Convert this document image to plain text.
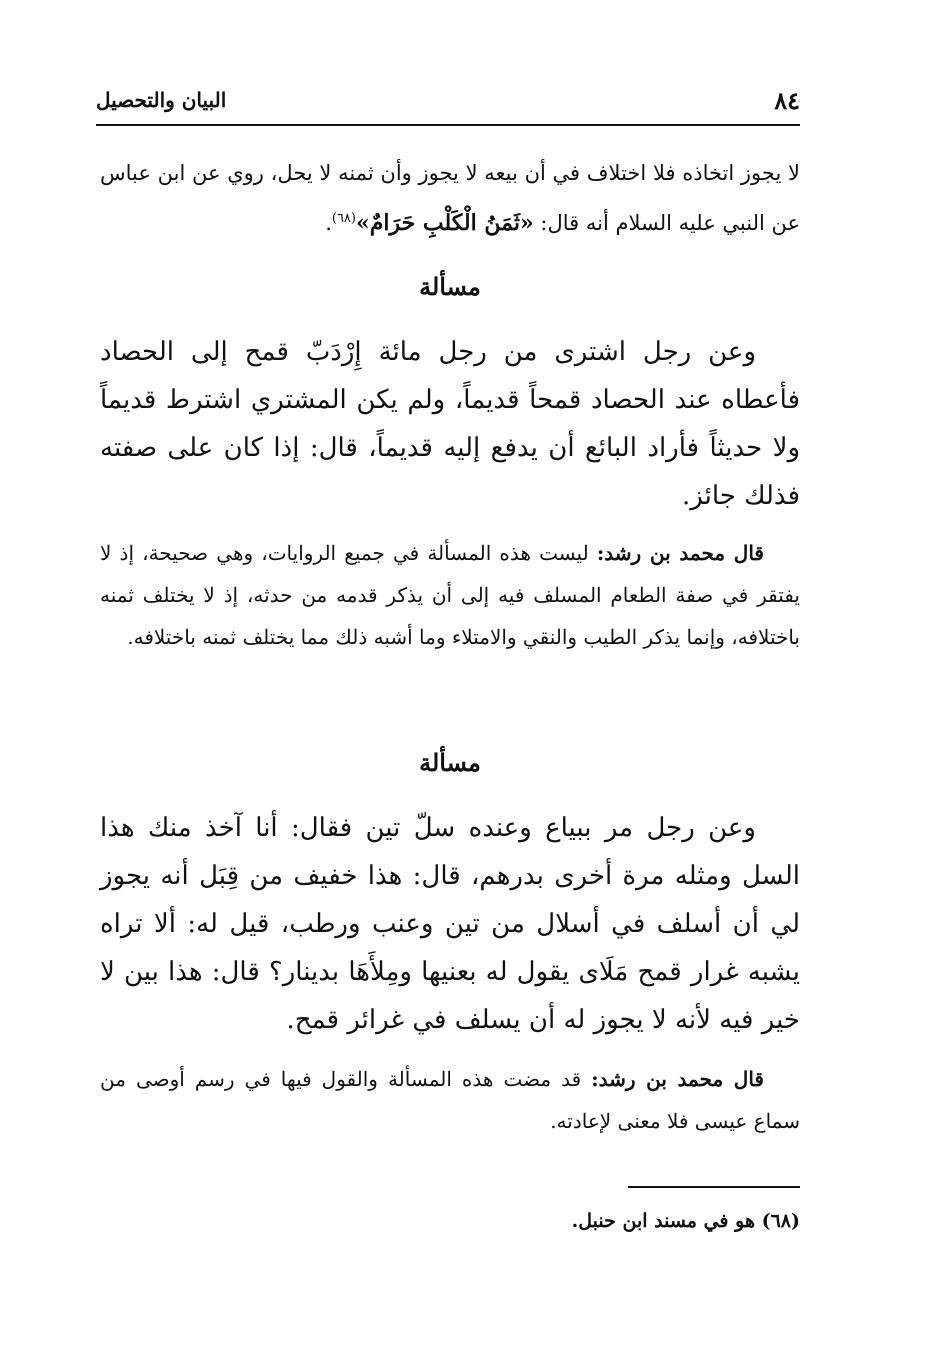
٨٤
البيان والتحصيل

لا يجوز اتخاذه فلا اختلاف في أن بيعه لا يجوز وأن ثمنه لا يحل، روي عن ابن عباس عن النبي عليه السلام أنه قال: «ثَمَنُ الْكَلْبِ حَرَامٌ»$^{(٦٨)}$.

مسألة

وعن رجل اشترى من رجل مائة إِرْدَبّ قمح إلى الحصاد فأعطاه عند الحصاد قمحاً قديماً، ولم يكن المشتري اشترط قديماً ولا حديثاً فأراد البائع أن يدفع إليه قديماً، قال: إذا كان على صفته فذلك جائز.

قال محمد بن رشد: ليست هذه المسألة في جميع الروايات، وهي صحيحة، إذ لا يفتقر في صفة الطعام المسلف فيه إلى أن يذكر قدمه من حدثه، إذ لا يختلف ثمنه باختلافه، وإنما يذكر الطيب والنقي والامتلاء وما أشبه ذلك مما يختلف ثمنه باختلافه.

مسألة

وعن رجل مر ببياع وعنده سلّ تين فقال: أنا آخذ منك هذا السل ومثله مرة أخرى بدرهم، قال: هذا خفيف من قِبَل أنه يجوز لي أن أسلف في أسلال من تين وعنب ورطب، قيل له: ألا تراه يشبه غرار قمح مَلَاى يقول له بعنيها ومِلأَهَا بدينار؟ قال: هذا بين لا خير فيه لأنه لا يجوز له أن يسلف في غرائر قمح.

قال محمد بن رشد: قد مضت هذه المسألة والقول فيها في رسم أوصى من سماع عيسى فلا معنى لإعادته.

(٦٨) هو في مسند ابن حنبل.
